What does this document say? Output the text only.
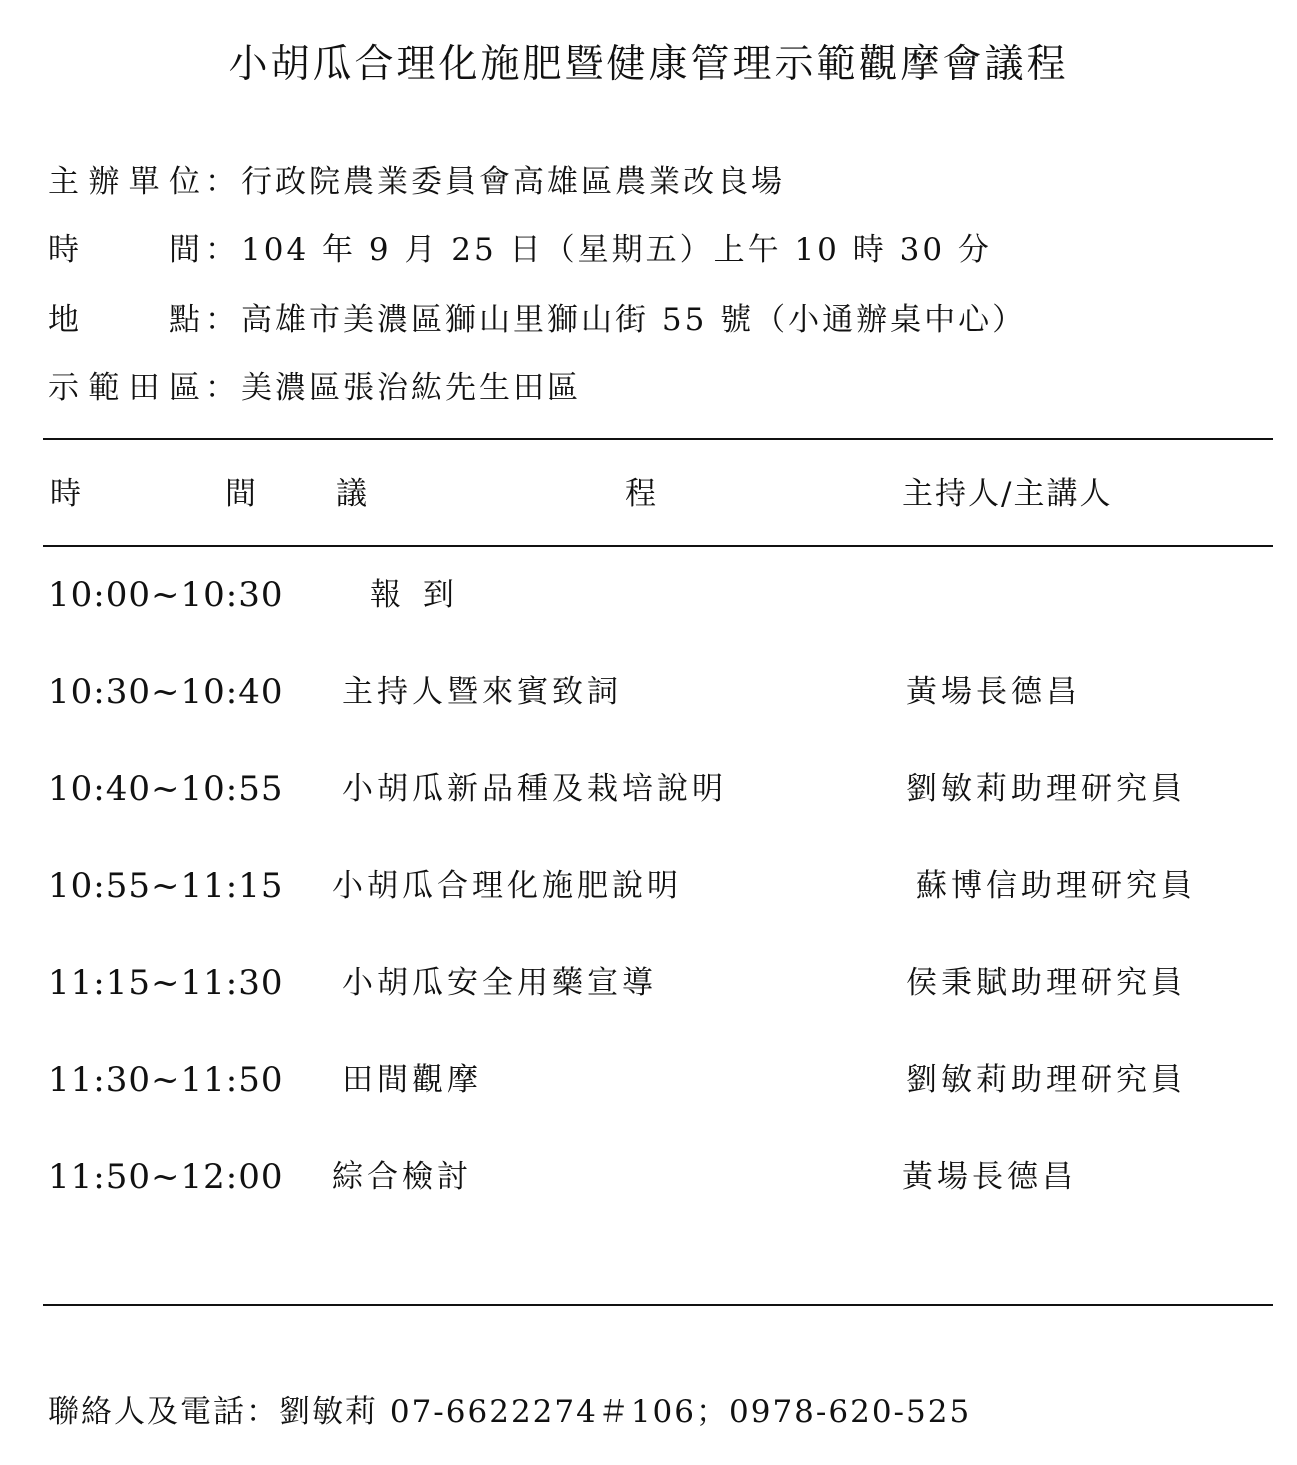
小胡瓜合理化施肥暨健康管理示範觀摩會議程
主辦單位：行政院農業委員會高雄區農業改良場
時間：104 年 9 月 25 日（星期五）上午 10 時 30 分
地點：高雄市美濃區獅山里獅山街 55 號（小通辦桌中心）
示範田區：美濃區張治紘先生田區
時	間	議	程	主持人/主講人
10:00~10:30	報 到
10:30~10:40 主持人暨來賓致詞	黃場長德昌
10:40~10:55 小胡瓜新品種及栽培說明	劉敏莉助理研究員
10:55~11:15 小胡瓜合理化施肥說明	蘇博信助理研究員
11:15~11:30 小胡瓜安全用藥宣導	侯秉賦助理研究員
11:30~11:50 田間觀摩	劉敏莉助理研究員
11:50~12:00 綜合檢討	黃場長德昌
聯絡人及電話：劉敏莉 07-6622274＃106；0978-620-525
